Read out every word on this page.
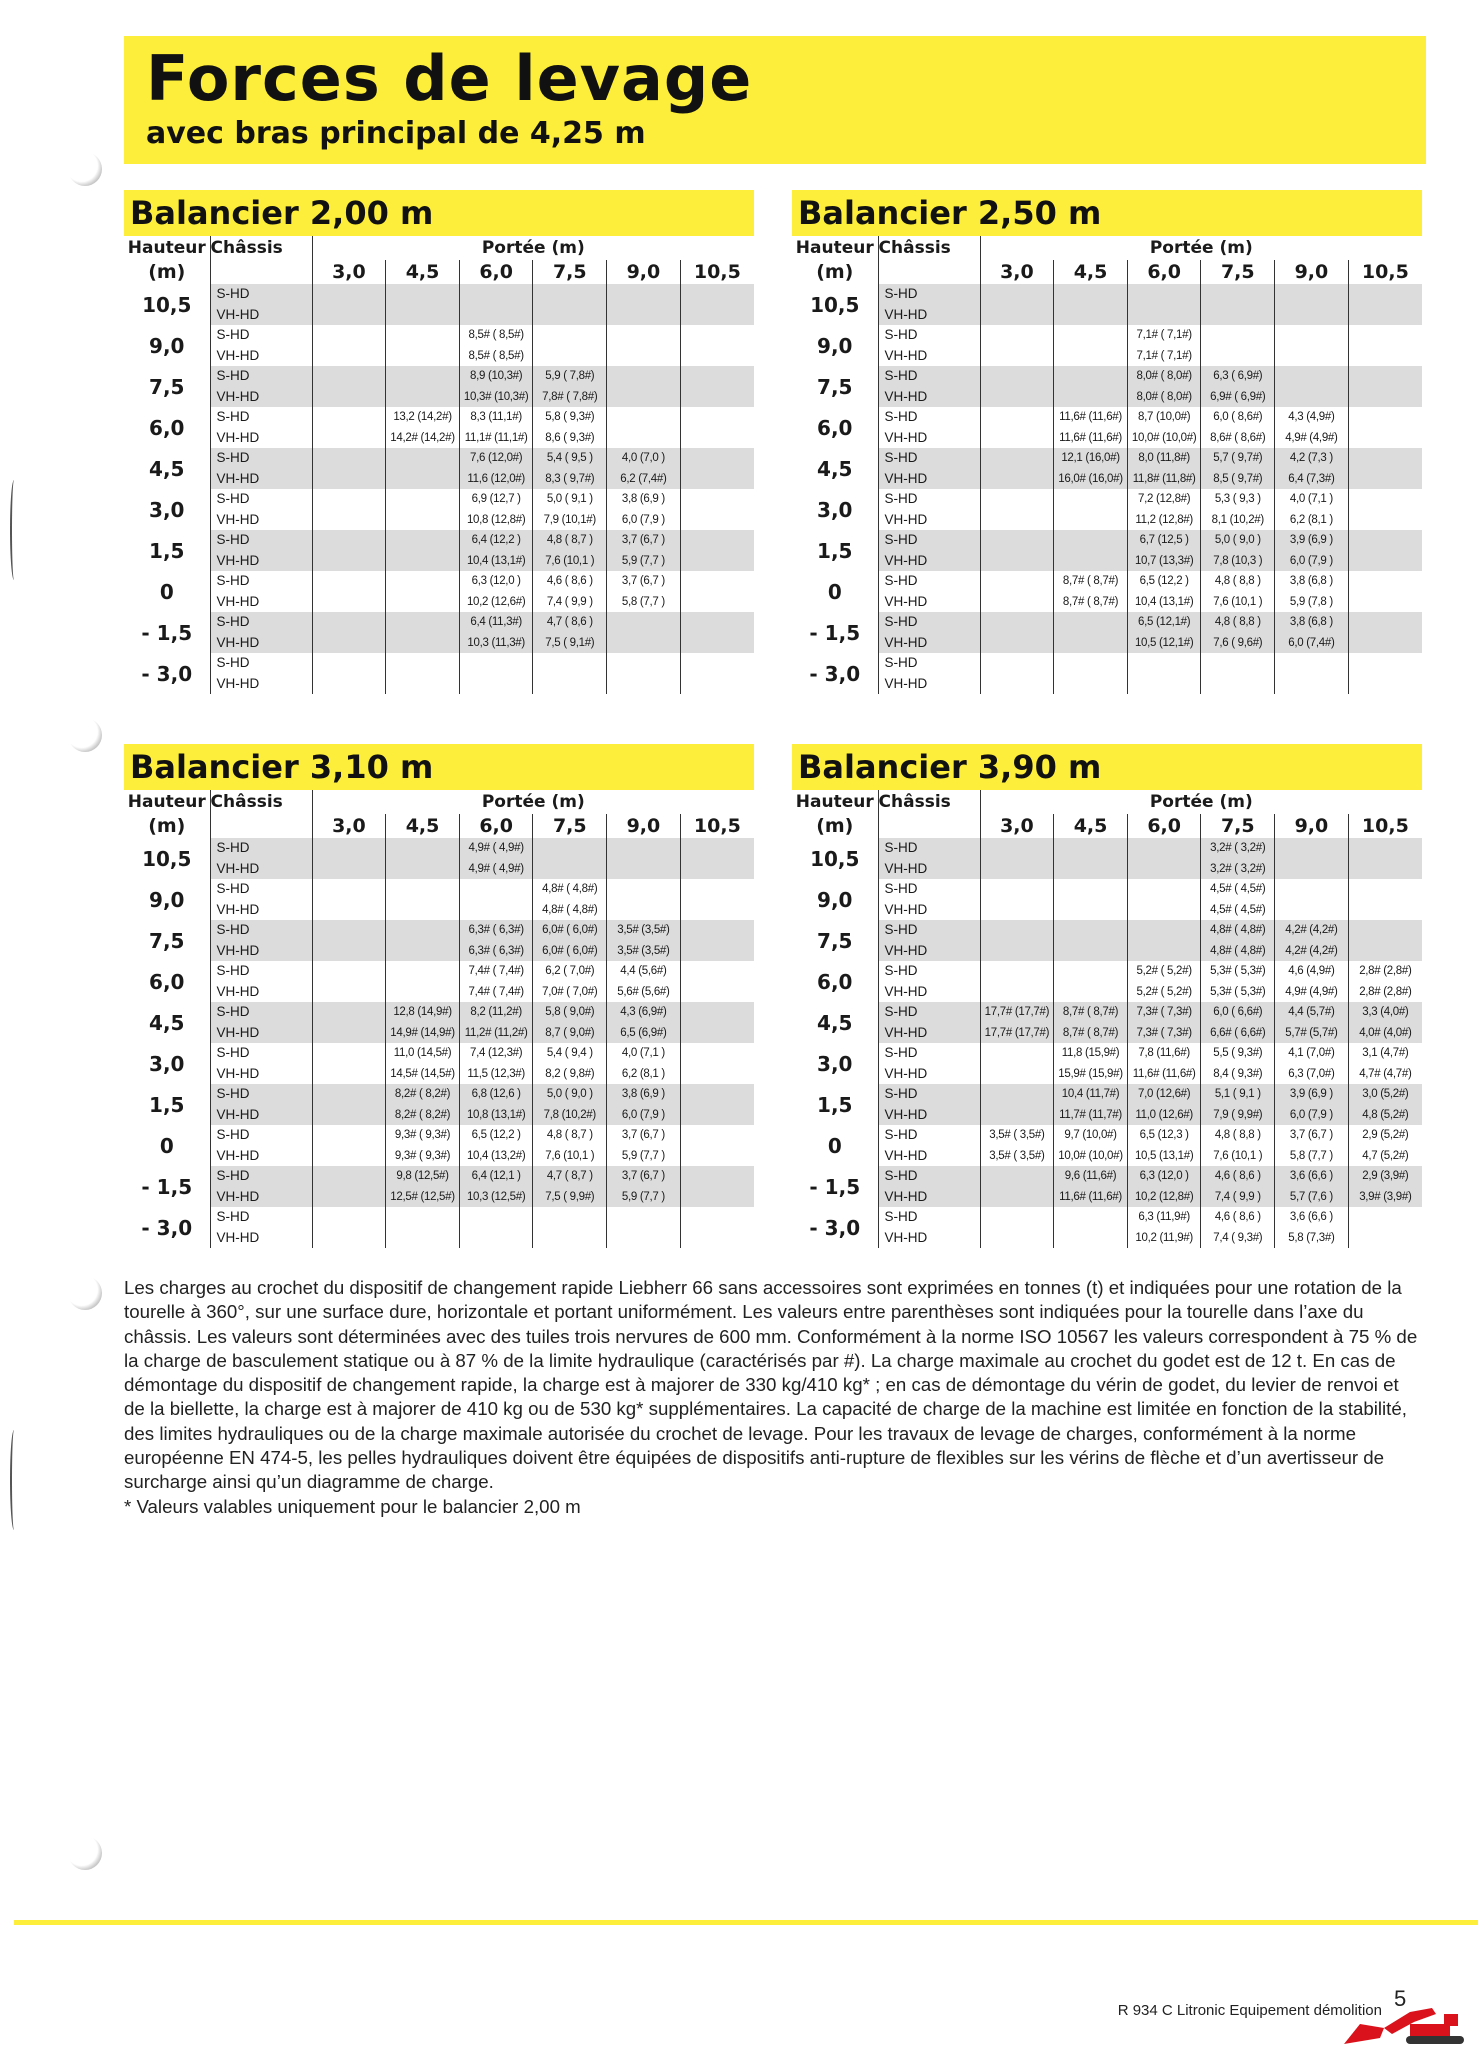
Forces de levage
avec bras principal de 4,25 m
Balancier 2,00 m
Hauteur	Châssis	Portée (m)					
(m)		3,0	4,5	6,0	7,5	9,0	10,5
10,5	S-HD						
	VH-HD						
9,0	S-HD			8,5# ( 8,5#)			
	VH-HD			8,5# ( 8,5#)			
7,5	S-HD			8,9 (10,3#)	5,9 ( 7,8#)		
	VH-HD			10,3# (10,3#)	7,8# ( 7,8#)		
6,0	S-HD		13,2 (14,2#)	8,3 (11,1#)	5,8 ( 9,3#)		
	VH-HD		14,2# (14,2#)	11,1# (11,1#)	8,6 ( 9,3#)		
4,5	S-HD			7,6 (12,0#)	5,4 ( 9,5 )	4,0 (7,0 )	
	VH-HD			11,6 (12,0#)	8,3 ( 9,7#)	6,2 (7,4#)	
3,0	S-HD			6,9 (12,7 )	5,0 ( 9,1 )	3,8 (6,9 )	
	VH-HD			10,8 (12,8#)	7,9 (10,1#)	6,0 (7,9 )	
1,5	S-HD			6,4 (12,2 )	4,8 ( 8,7 )	3,7 (6,7 )	
	VH-HD			10,4 (13,1#)	7,6 (10,1 )	5,9 (7,7 )	
0	S-HD			6,3 (12,0 )	4,6 ( 8,6 )	3,7 (6,7 )	
	VH-HD			10,2 (12,6#)	7,4 ( 9,9 )	5,8 (7,7 )	
- 1,5	S-HD			6,4 (11,3#)	4,7 ( 8,6 )		
	VH-HD			10,3 (11,3#)	7,5 ( 9,1#)		
- 3,0	S-HD						
	VH-HD						
Balancier 2,50 m
Hauteur	Châssis	Portée (m)					
(m)		3,0	4,5	6,0	7,5	9,0	10,5
10,5	S-HD						
	VH-HD						
9,0	S-HD			7,1# ( 7,1#)			
	VH-HD			7,1# ( 7,1#)			
7,5	S-HD			8,0# ( 8,0#)	6,3 ( 6,9#)		
	VH-HD			8,0# ( 8,0#)	6,9# ( 6,9#)		
6,0	S-HD		11,6# (11,6#)	8,7 (10,0#)	6,0 ( 8,6#)	4,3 (4,9#)	
	VH-HD		11,6# (11,6#)	10,0# (10,0#)	8,6# ( 8,6#)	4,9# (4,9#)	
4,5	S-HD		12,1 (16,0#)	8,0 (11,8#)	5,7 ( 9,7#)	4,2 (7,3 )	
	VH-HD		16,0# (16,0#)	11,8# (11,8#)	8,5 ( 9,7#)	6,4 (7,3#)	
3,0	S-HD			7,2 (12,8#)	5,3 ( 9,3 )	4,0 (7,1 )	
	VH-HD			11,2 (12,8#)	8,1 (10,2#)	6,2 (8,1 )	
1,5	S-HD			6,7 (12,5 )	5,0 ( 9,0 )	3,9 (6,9 )	
	VH-HD			10,7 (13,3#)	7,8 (10,3 )	6,0 (7,9 )	
0	S-HD		8,7# ( 8,7#)	6,5 (12,2 )	4,8 ( 8,8 )	3,8 (6,8 )	
	VH-HD		8,7# ( 8,7#)	10,4 (13,1#)	7,6 (10,1 )	5,9 (7,8 )	
- 1,5	S-HD			6,5 (12,1#)	4,8 ( 8,8 )	3,8 (6,8 )	
	VH-HD			10,5 (12,1#)	7,6 ( 9,6#)	6,0 (7,4#)	
- 3,0	S-HD						
	VH-HD						
Balancier 3,10 m
Hauteur	Châssis	Portée (m)					
(m)		3,0	4,5	6,0	7,5	9,0	10,5
10,5	S-HD			4,9# ( 4,9#)			
	VH-HD			4,9# ( 4,9#)			
9,0	S-HD				4,8# ( 4,8#)		
	VH-HD				4,8# ( 4,8#)		
7,5	S-HD			6,3# ( 6,3#)	6,0# ( 6,0#)	3,5# (3,5#)	
	VH-HD			6,3# ( 6,3#)	6,0# ( 6,0#)	3,5# (3,5#)	
6,0	S-HD			7,4# ( 7,4#)	6,2 ( 7,0#)	4,4 (5,6#)	
	VH-HD			7,4# ( 7,4#)	7,0# ( 7,0#)	5,6# (5,6#)	
4,5	S-HD		12,8 (14,9#)	8,2 (11,2#)	5,8 ( 9,0#)	4,3 (6,9#)	
	VH-HD		14,9# (14,9#)	11,2# (11,2#)	8,7 ( 9,0#)	6,5 (6,9#)	
3,0	S-HD		11,0 (14,5#)	7,4 (12,3#)	5,4 ( 9,4 )	4,0 (7,1 )	
	VH-HD		14,5# (14,5#)	11,5 (12,3#)	8,2 ( 9,8#)	6,2 (8,1 )	
1,5	S-HD		8,2# ( 8,2#)	6,8 (12,6 )	5,0 ( 9,0 )	3,8 (6,9 )	
	VH-HD		8,2# ( 8,2#)	10,8 (13,1#)	7,8 (10,2#)	6,0 (7,9 )	
0	S-HD		9,3# ( 9,3#)	6,5 (12,2 )	4,8 ( 8,7 )	3,7 (6,7 )	
	VH-HD		9,3# ( 9,3#)	10,4 (13,2#)	7,6 (10,1 )	5,9 (7,7 )	
- 1,5	S-HD		9,8 (12,5#)	6,4 (12,1 )	4,7 ( 8,7 )	3,7 (6,7 )	
	VH-HD		12,5# (12,5#)	10,3 (12,5#)	7,5 ( 9,9#)	5,9 (7,7 )	
- 3,0	S-HD						
	VH-HD						
Balancier 3,90 m
Hauteur	Châssis	Portée (m)					
(m)		3,0	4,5	6,0	7,5	9,0	10,5
10,5	S-HD				3,2# ( 3,2#)		
	VH-HD				3,2# ( 3,2#)		
9,0	S-HD				4,5# ( 4,5#)		
	VH-HD				4,5# ( 4,5#)		
7,5	S-HD				4,8# ( 4,8#)	4,2# (4,2#)	
	VH-HD				4,8# ( 4,8#)	4,2# (4,2#)	
6,0	S-HD			5,2# ( 5,2#)	5,3# ( 5,3#)	4,6 (4,9#)	2,8# (2,8#)
	VH-HD			5,2# ( 5,2#)	5,3# ( 5,3#)	4,9# (4,9#)	2,8# (2,8#)
4,5	S-HD	17,7# (17,7#)	8,7# ( 8,7#)	7,3# ( 7,3#)	6,0 ( 6,6#)	4,4 (5,7#)	3,3 (4,0#)
	VH-HD	17,7# (17,7#)	8,7# ( 8,7#)	7,3# ( 7,3#)	6,6# ( 6,6#)	5,7# (5,7#)	4,0# (4,0#)
3,0	S-HD		11,8 (15,9#)	7,8 (11,6#)	5,5 ( 9,3#)	4,1 (7,0#)	3,1 (4,7#)
	VH-HD		15,9# (15,9#)	11,6# (11,6#)	8,4 ( 9,3#)	6,3 (7,0#)	4,7# (4,7#)
1,5	S-HD		10,4 (11,7#)	7,0 (12,6#)	5,1 ( 9,1 )	3,9 (6,9 )	3,0 (5,2#)
	VH-HD		11,7# (11,7#)	11,0 (12,6#)	7,9 ( 9,9#)	6,0 (7,9 )	4,8 (5,2#)
0	S-HD	3,5# ( 3,5#)	9,7 (10,0#)	6,5 (12,3 )	4,8 ( 8,8 )	3,7 (6,7 )	2,9 (5,2#)
	VH-HD	3,5# ( 3,5#)	10,0# (10,0#)	10,5 (13,1#)	7,6 (10,1 )	5,8 (7,7 )	4,7 (5,2#)
- 1,5	S-HD		9,6 (11,6#)	6,3 (12,0 )	4,6 ( 8,6 )	3,6 (6,6 )	2,9 (3,9#)
	VH-HD		11,6# (11,6#)	10,2 (12,8#)	7,4 ( 9,9 )	5,7 (7,6 )	3,9# (3,9#)
- 3,0	S-HD			6,3 (11,9#)	4,6 ( 8,6 )	3,6 (6,6 )	
	VH-HD			10,2 (11,9#)	7,4 ( 9,3#)	5,8 (7,3#)	

Les charges au crochet du dispositif de changement rapide Liebherr 66 sans accessoires sont exprimées en tonnes (t) et indiquées pour une rotation de la tourelle à 360°, sur une surface dure, horizontale et portant uniformément. Les valeurs entre parenthèses sont indiquées pour la tourelle dans l’axe du châssis. Les valeurs sont déterminées avec des tuiles trois nervures de 600 mm. Conformément à la norme ISO 10567 les valeurs correspondent à 75 % de la charge de basculement statique ou à 87 % de la limite hydraulique (caractérisés par #). La charge maximale au crochet du godet est de 12 t. En cas de démontage du dispositif de changement rapide, la charge est à majorer de 330 kg/410 kg* ; en cas de démontage du vérin de godet, du levier de renvoi et de la biellette, la charge est à majorer de 410 kg ou de 530 kg* supplémentaires. La capacité de charge de la machine est limitée en fonction de la stabilité, des limites hydrauliques ou de la charge maximale autorisée du crochet de levage. Pour les travaux de levage de charges, conformément à la norme européenne EN 474-5, les pelles hydrauliques doivent être équipées de dispositifs anti-rupture de flexibles sur les vérins de flèche et d’un avertisseur de surcharge ainsi qu’un diagramme de charge.

* Valeurs valables uniquement pour le balancier 2,00 m

R 934 C Litronic Equipement démolition 5
